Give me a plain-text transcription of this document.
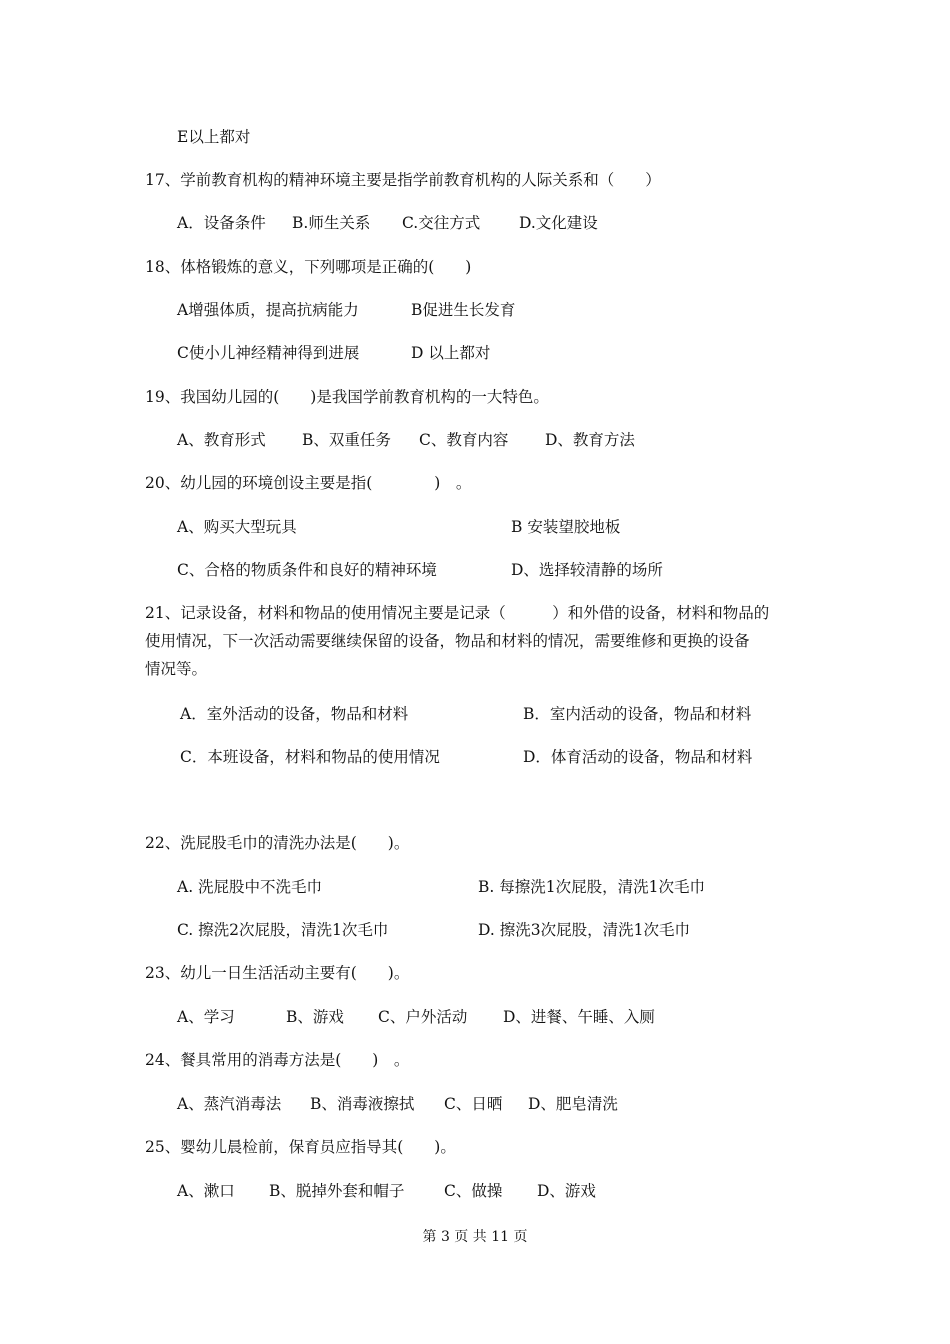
E以上都对
17、学前教育机构的精神环境主要是指学前教育机构的人际关系和（　　）
A．设备条件 B.师生关系 C.交往方式	D.文化建设
18、体格锻炼的意义，下列哪项是正确的(　　)
A增强体质，提高抗病能力	B促进生长发育
C使小儿神经精神得到进展	D 以上都对
19、我国幼儿园的(　　)是我国学前教育机构的一大特色。
A、教育形式 B、双重任务 C、教育内容 D、教育方法
20、幼儿园的环境创设主要是指(　　　　)　。
A、购买大型玩具	B 安装望胶地板
C、合格的物质条件和良好的精神环境	D、选择较清静的场所
21、记录设备，材料和物品的使用情况主要是记录（　　　）和外借的设备，材料和物品的
使用情况，下一次活动需要继续保留的设备，物品和材料的情况，需要维修和更换的设备
情况等。
A．室外活动的设备，物品和材料	B．室内活动的设备，物品和材料
C．本班设备，材料和物品的使用情况	D．体育活动的设备，物品和材料
22、洗屁股毛巾的清洗办法是(　　)。
A. 洗屁股中不洗毛巾	B. 每擦洗1次屁股，清洗1次毛巾
C. 擦洗2次屁股，清洗1次毛巾	D. 擦洗3次屁股，清洗1次毛巾
23、幼儿一日生活活动主要有(　　)。
A、学习	B、游戏 C、户外活动 D、进餐、午睡、入厕
24、餐具常用的消毒方法是(　　)　。
A、蒸汽消毒法 B、消毒液擦拭 C、日晒 D、肥皂清洗
25、婴幼儿晨检前，保育员应指导其(　　)。
A、漱口 B、脱掉外套和帽子	C、做操 D、游戏
第 3 页 共 11 页
